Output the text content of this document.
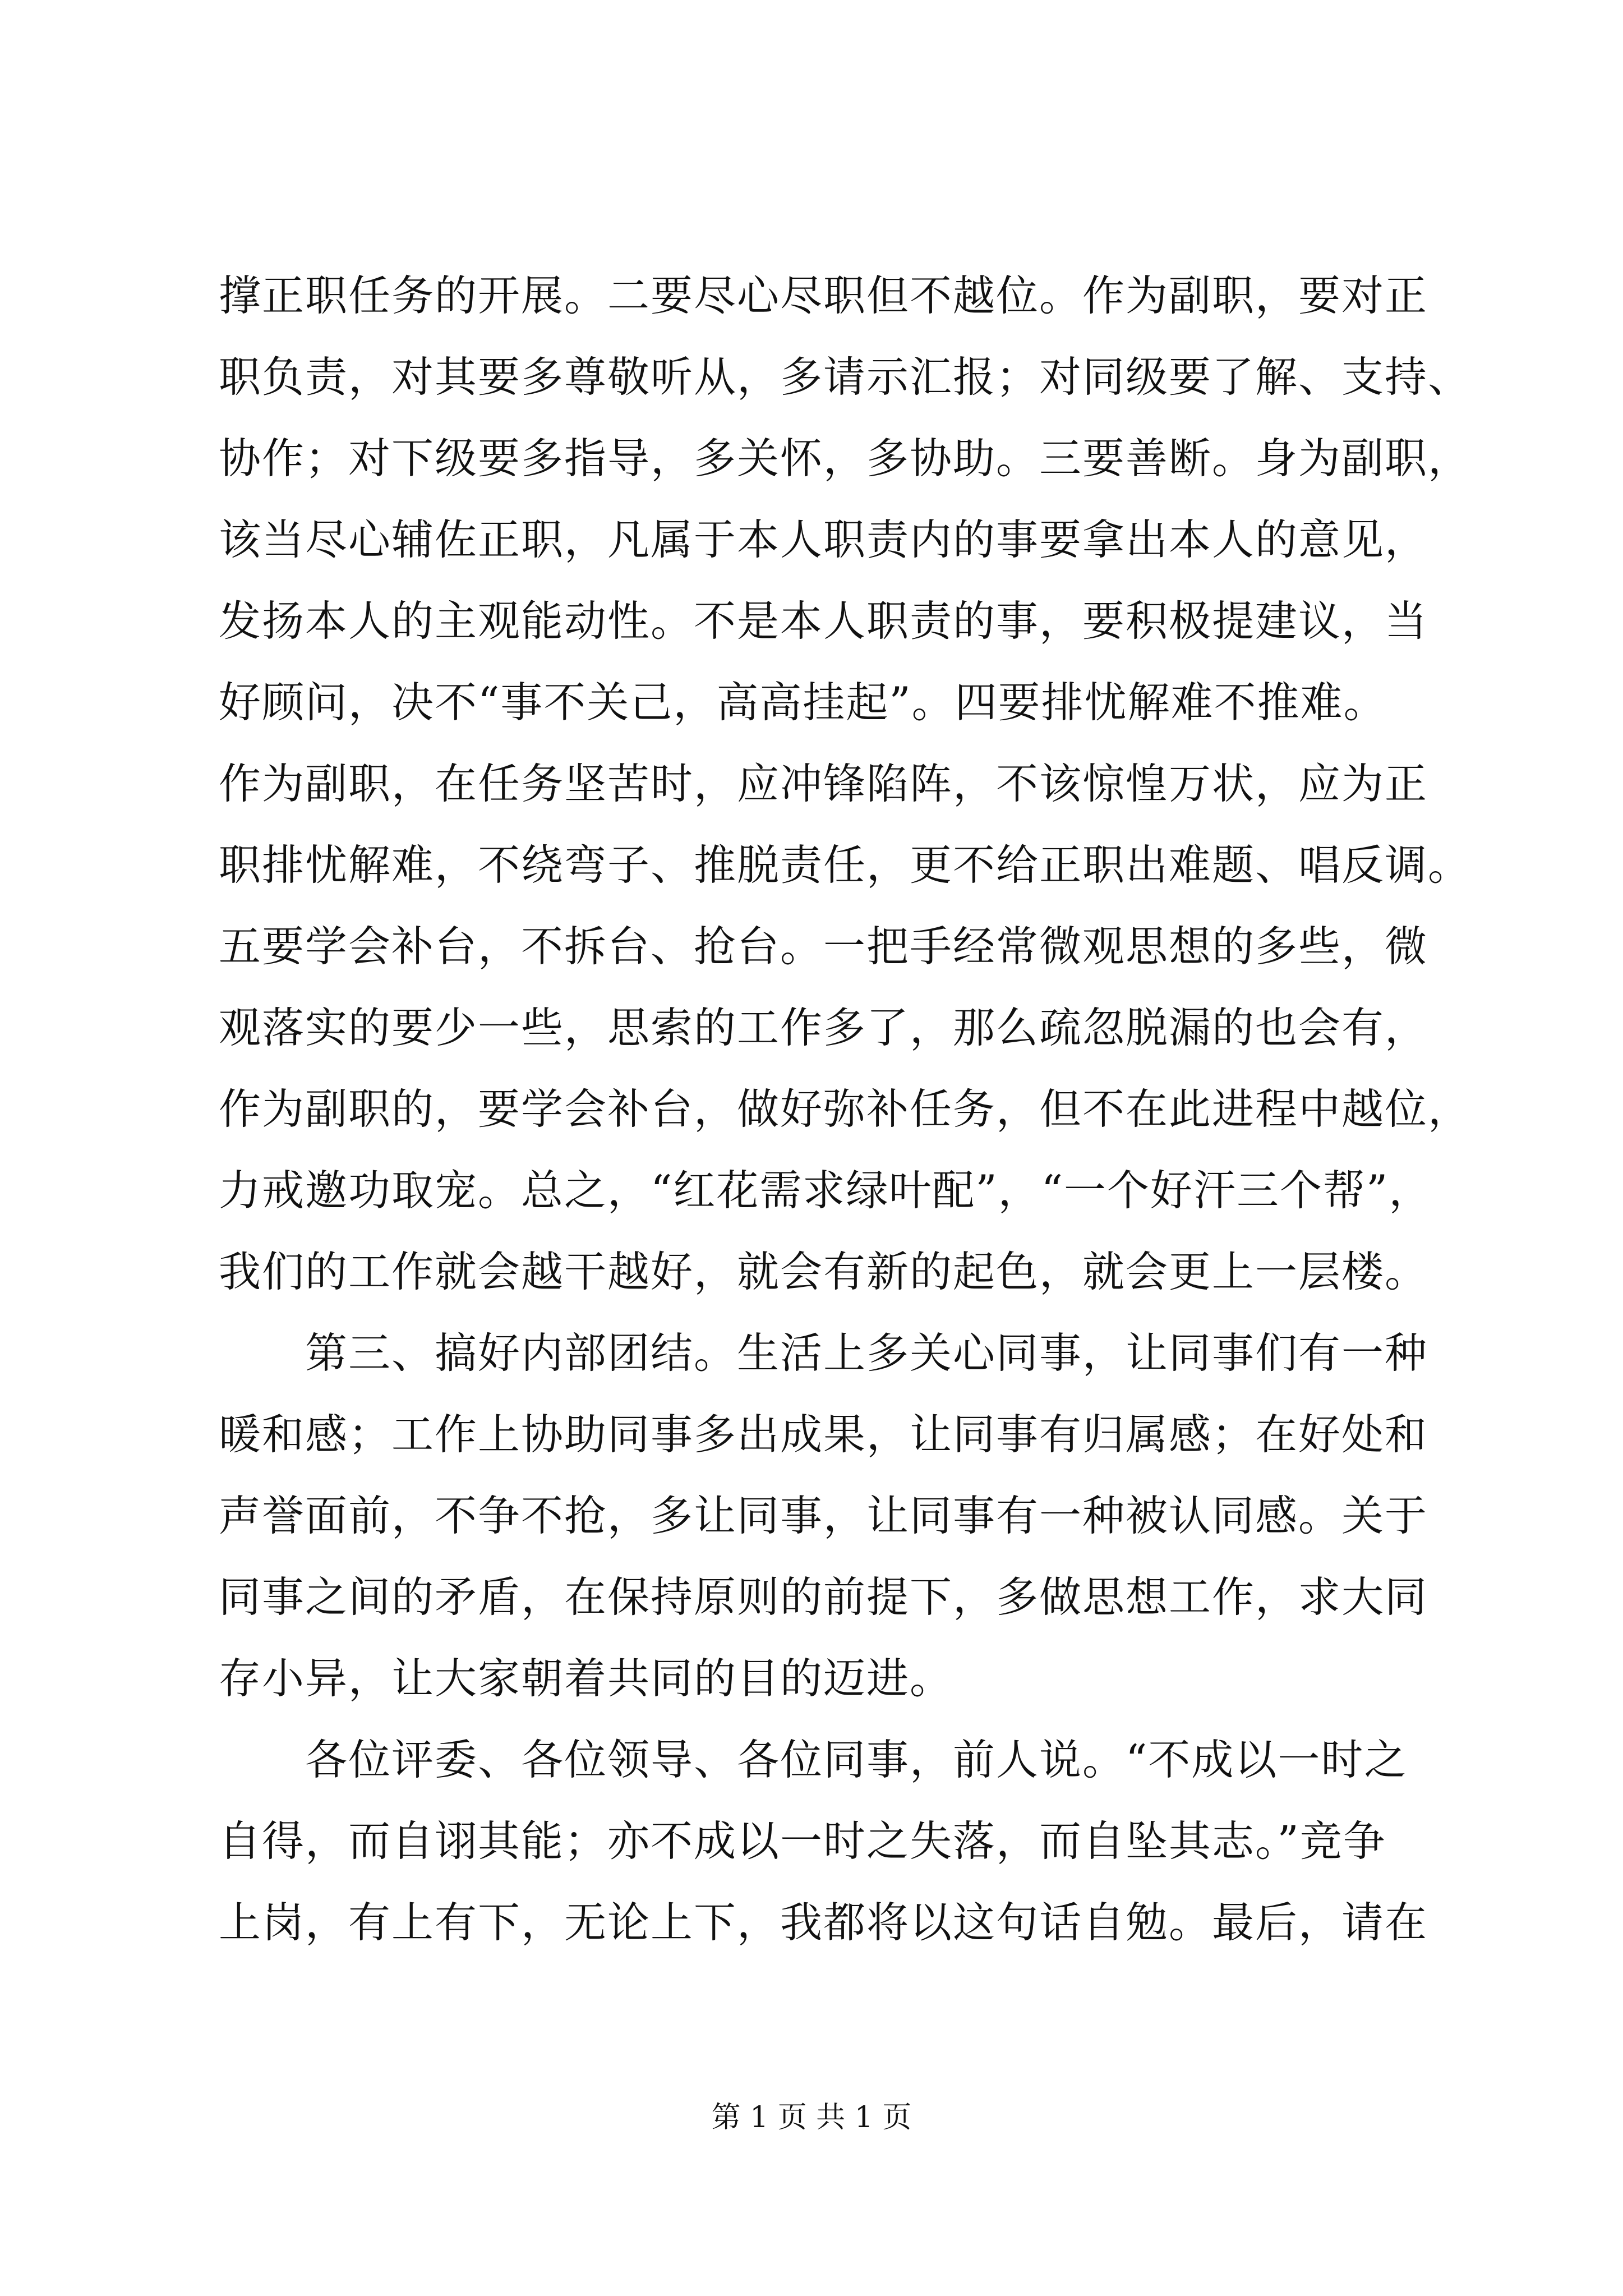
撑正职任务的开展。二要尽心尽职但不越位。作为副职，要对正
职负责，对其要多尊敬听从，多请示汇报；对同级要了解、支持、
协作；对下级要多指导，多关怀，多协助。三要善断。身为副职，
该当尽心辅佐正职，凡属于本人职责内的事要拿出本人的意见，
发扬本人的主观能动性。不是本人职责的事，要积极提建议，当
好顾问，决不“事不关己，高高挂起”。四要排忧解难不推难。
作为副职，在任务坚苦时，应冲锋陷阵，不该惊惶万状，应为正
职排忧解难，不绕弯子、推脱责任，更不给正职出难题、唱反调。
五要学会补台，不拆台、抢台。一把手经常微观思想的多些，微
观落实的要少一些，思索的工作多了，那么疏忽脱漏的也会有，
作为副职的，要学会补台，做好弥补任务，但不在此进程中越位，
力戒邀功取宠。总之，“红花需求绿叶配”，“一个好汗三个帮”，
我们的工作就会越干越好，就会有新的起色，就会更上一层楼。
　　第三、搞好内部团结。生活上多关心同事，让同事们有一种
暖和感；工作上协助同事多出成果，让同事有归属感；在好处和
声誉面前，不争不抢，多让同事，让同事有一种被认同感。关于
同事之间的矛盾，在保持原则的前提下，多做思想工作，求大同
存小异，让大家朝着共同的目的迈进。
　　各位评委、各位领导、各位同事，前人说。“不成以一时之
自得，而自诩其能；亦不成以一时之失落，而自坠其志。”竞争
上岗，有上有下，无论上下，我都将以这句话自勉。最后，请在
第 1 页 共 1 页
